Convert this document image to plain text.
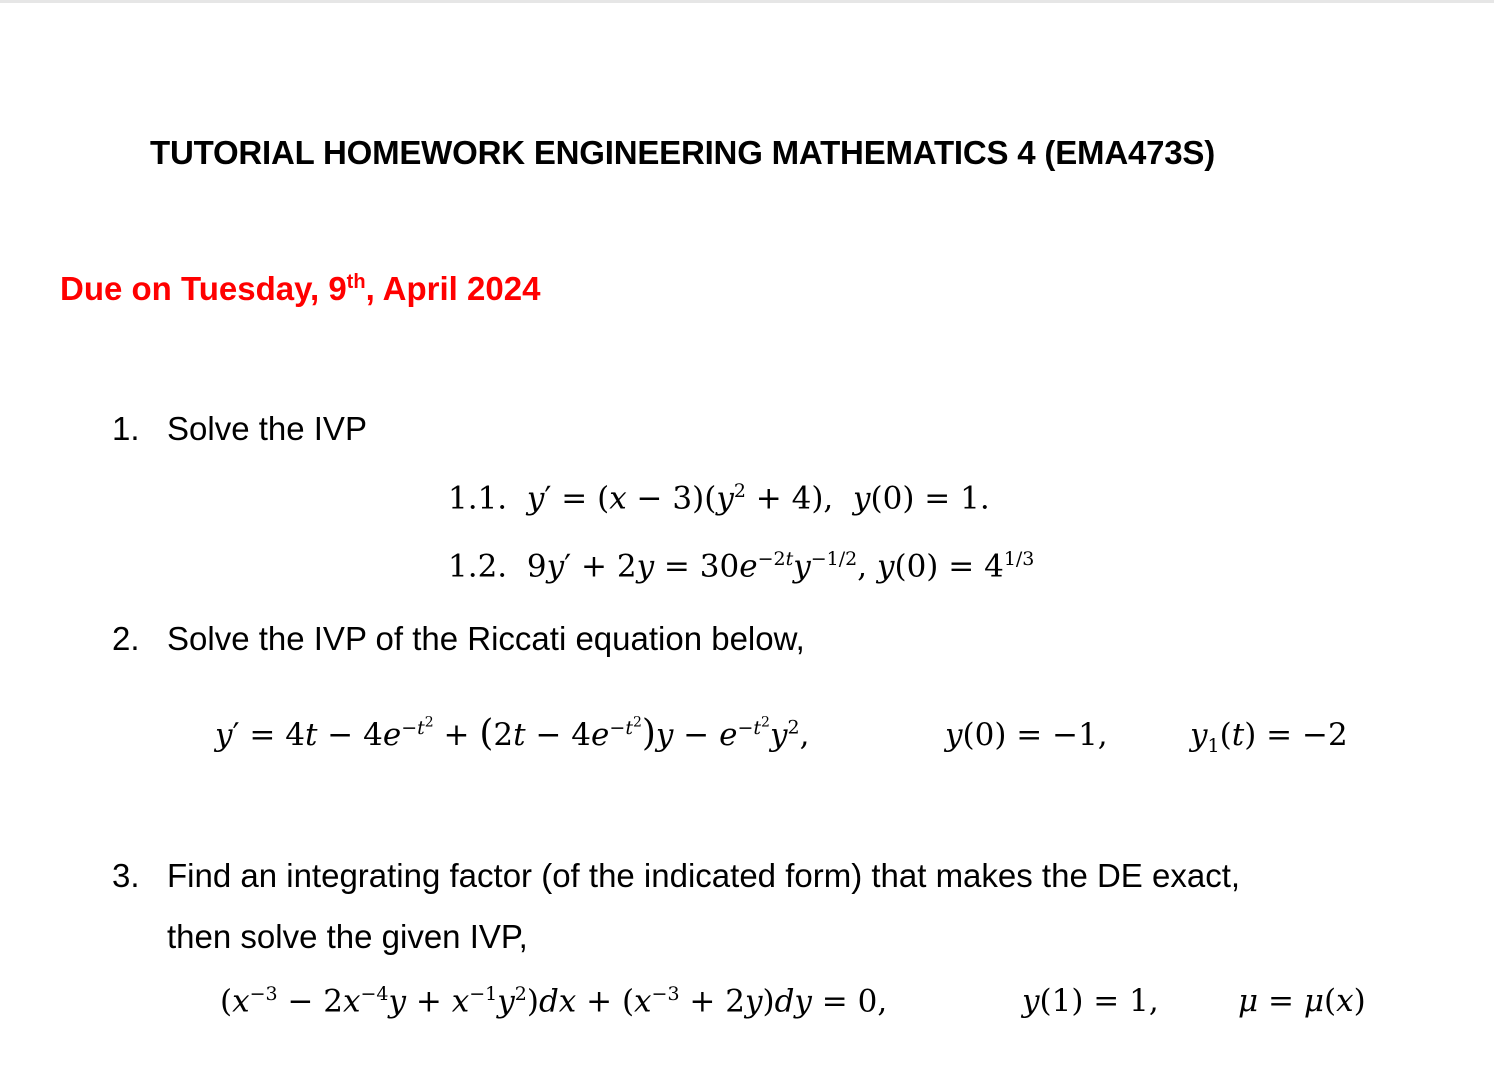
TUTORIAL HOMEWORK ENGINEERING MATHEMATICS 4 (EMA473S)
Due on Tuesday, 9th, April 2024
1. Solve the IVP
1.1. $y' = (x - 3)(y^2 + 4)$,  y(0) = 1.
1.2.  $9y' + 2y = 30e^{-2t}y^{-1/2}$, $y(0) = 4^{1/3}$
2. Solve the IVP of the Riccati equation below,
$y' = 4t - 4e^{-t^2} + (2t - 4e^{-t^2})y - e^{-t^2}y^2$,	y(0) = −1,	$y_1(t) = -2$
3. Find an integrating factor (of the indicated form) that makes the DE exact,
then solve the given IVP,
$(x^{-3} - 2x^{-4}y + x^{-1}y^2)dx + (x^{-3} + 2y)dy = 0$,	y(1) = 1,	μ = μ(x)
